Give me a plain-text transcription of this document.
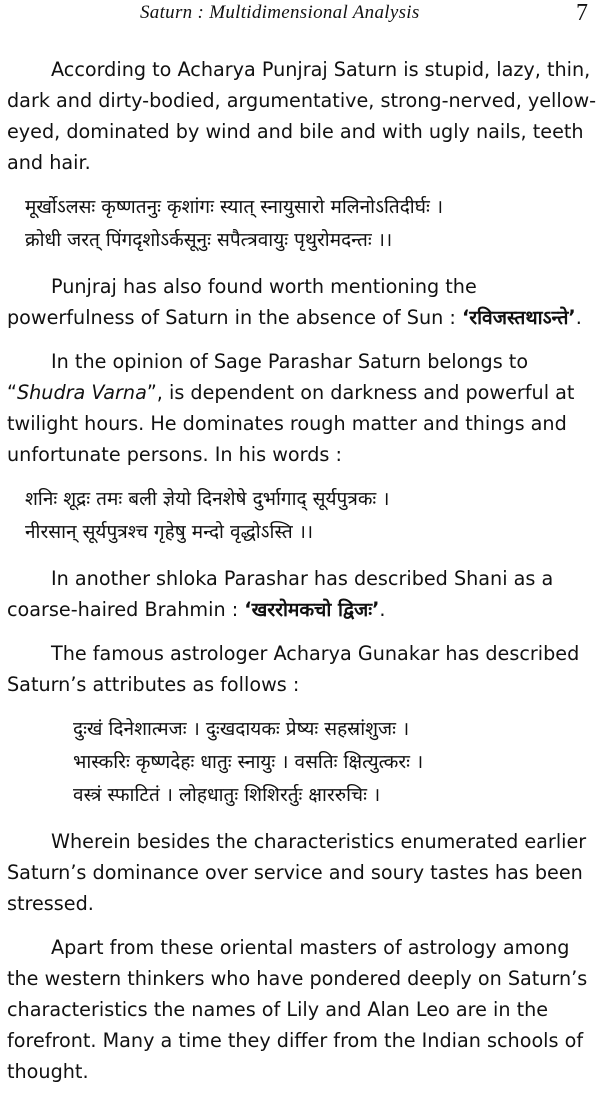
Saturn : Multidimensional Analysis	7

According to Acharya Punjraj Saturn is stupid, lazy, thin, dark and dirty-bodied, argumentative, strong-nerved, yellow-eyed, dominated by wind and bile and with ugly nails, teeth and hair.

मूर्खोऽलसः कृष्णतनुः कृशांगः स्यात् स्नायुसारो मलिनोऽतिदीर्घः ।
क्रोधी जरत् पिंगदृशोऽर्कसूनुः सपैत्त्रवायुः पृथुरोमदन्तः ।।

Punjraj has also found worth mentioning the powerfulness of Saturn in the absence of Sun : ‘रविजस्तथाऽन्ते’.

In the opinion of Sage Parashar Saturn belongs to “Shudra Varna”, is dependent on darkness and powerful at twilight hours. He dominates rough matter and things and unfortunate persons. In his words :

शनिः शूद्रः तमः बली ज्ञेयो दिनशेषे दुर्भागाद् सूर्यपुत्रकः ।
नीरसान् सूर्यपुत्रश्च गृहेषु मन्दो वृद्धोऽस्ति ।।

In another shloka Parashar has described Shani as a coarse-haired Brahmin : ‘खररोमकचो द्विजः’.

The famous astrologer Acharya Gunakar has described Saturn’s attributes as follows :

दुःखं दिनेशात्मजः । दुःखदायकः प्रेष्यः सहस्रांशुजः ।
भास्करिः कृष्णदेहः धातुः स्नायुः । वसतिः क्षित्युत्करः ।
वस्त्रं स्फाटितं । लोहधातुः शिशिरर्तुः क्षाररुचिः ।

Wherein besides the characteristics enumerated earlier Saturn’s dominance over service and soury tastes has been stressed.

Apart from these oriental masters of astrology among the western thinkers who have pondered deeply on Saturn’s characteristics the names of Lily and Alan Leo are in the forefront. Many a time they differ from the Indian schools of thought.
